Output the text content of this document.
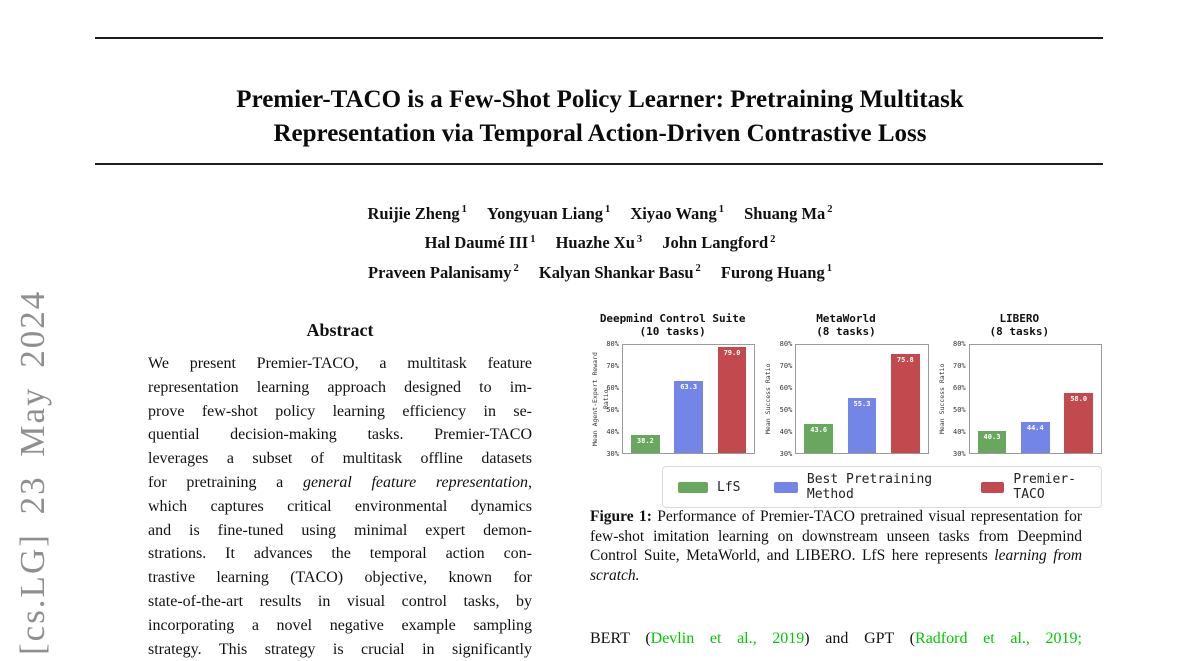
[cs.LG] 23 May 2024
Premier-TACO is a Few-Shot Policy Learner: Pretraining Multitask Representation via Temporal Action-Driven Contrastive Loss
Ruijie Zheng $^1$ Yongyuan Liang $^1$ Xiyao Wang $^1$ Shuang Ma $^2$
Hal Daumé III $^1$ Huazhe Xu $^3$ John Langford $^2$
Praveen Palanisamy $^2$ Kalyan Shankar Basu $^2$ Furong Huang $^1$
Abstract
We present Premier-TACO, a multitask feature
representation learning approach designed to im-
prove few-shot policy learning efficiency in se-
quential decision-making tasks. Premier-TACO
leverages a subset of multitask offline datasets
for pretraining a general feature representation,
which captures critical environmental dynamics
and is fine-tuned using minimal expert demon-
strations. It advances the temporal action con-
trastive learning (TACO) objective, known for
state-of-the-art results in visual control tasks, by
incorporating a novel negative example sampling
strategy. This strategy is crucial in significantly
Deepmind Control Suite
(10 tasks)
Mean Agent-Expert Reward Ratio
80%
70%
60%
50%
40%
30%
38.2
63.3
79.0
MetaWorld
(8 tasks)
Mean Success Ratio
80%
70%
60%
50%
40%
30%
43.6
55.3
75.8
LIBERO
(8 tasks)
Mean Success Ratio
80%
70%
60%
50%
40%
30%
40.3
44.4
58.0
LfS	Best Pretraining Method
Premier-TACO
Figure 1: Performance of Premier-TACO pretrained visual representation for few-shot imitation learning on downstream unseen tasks from Deepmind Control Suite, MetaWorld, and LIBERO. LfS here represents learning from scratch.
BERT (Devlin et al., 2019) and GPT (Radford et al., 2019;
